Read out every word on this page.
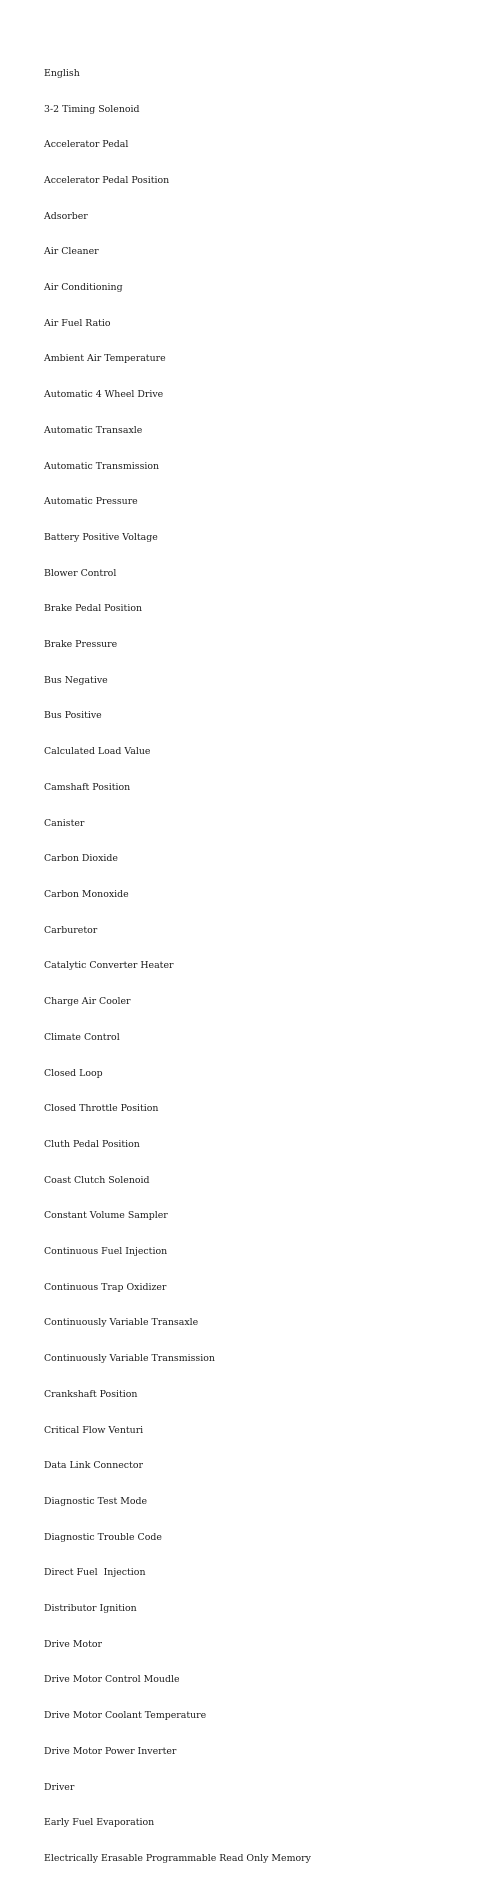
English

3-2 Timing Solenoid

Accelerator Pedal

Accelerator Pedal Position

Adsorber

Air Cleaner

Air Conditioning

Air Fuel Ratio

Ambient Air Temperature

Automatic 4 Wheel Drive

Automatic Transaxle

Automatic Transmission

Automatic Pressure

Battery Positive Voltage

Blower Control

Brake Pedal Position

Brake Pressure

Bus Negative

Bus Positive

Calculated Load Value

Camshaft Position

Canister

Carbon Dioxide

Carbon Monoxide

Carburetor

Catalytic Converter Heater

Charge Air Cooler

Climate Control

Closed Loop

Closed Throttle Position

Cluth Pedal Position

Coast Clutch Solenoid

Constant Volume Sampler

Continuous Fuel Injection

Continuous Trap Oxidizer

Continuously Variable Transaxle

Continuously Variable Transmission

Crankshaft Position

Critical Flow Venturi

Data Link Connector

Diagnostic Test Mode

Diagnostic Trouble Code

Direct Fuel  Injection

Distributor Ignition

Drive Motor

Drive Motor Control Moudle

Drive Motor Coolant Temperature

Drive Motor Power Inverter

Driver

Early Fuel Evaporation

Electrically Erasable Programmable Read Only Memory
